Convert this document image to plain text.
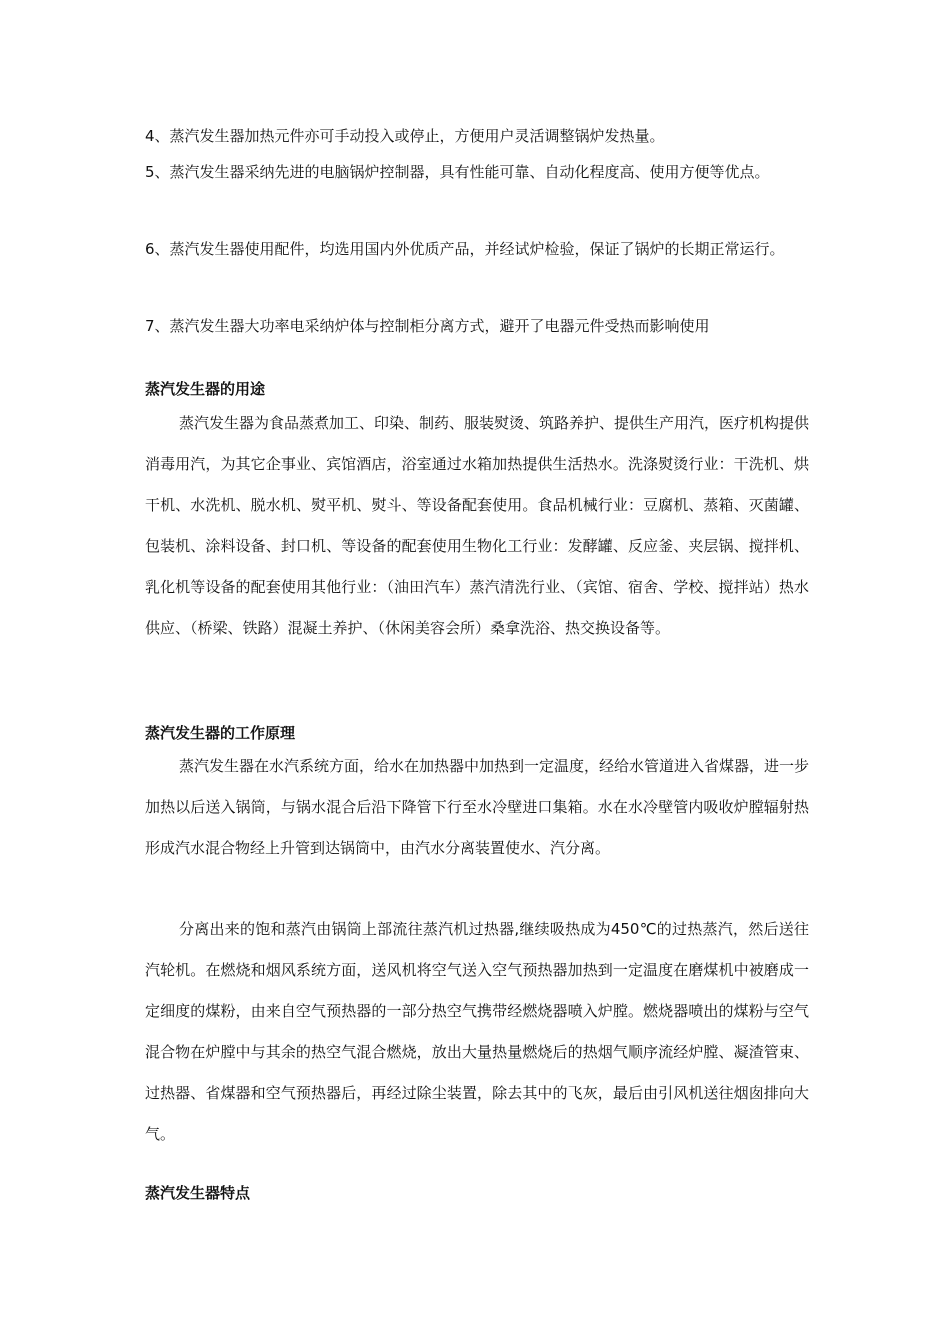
4、蒸汽发生器加热元件亦可手动投入或停止，方便用户灵活调整锅炉发热量。

5、蒸汽发生器采纳先进的电脑锅炉控制器，具有性能可靠、自动化程度高、使用方便等优点。

6、蒸汽发生器使用配件，均选用国内外优质产品，并经试炉检验，保证了锅炉的长期正常运行。

7、蒸汽发生器大功率电采纳炉体与控制柜分离方式，避开了电器元件受热而影响使用

蒸汽发生器的用途

蒸汽发生器为食品蒸煮加工、印染、制药、服装熨烫、筑路养护、提供生产用汽，医疗机构提供消毒用汽，为其它企事业、宾馆酒店，浴室通过水箱加热提供生活热水。洗涤熨烫行业：干洗机、烘干机、水洗机、脱水机、熨平机、熨斗、等设备配套使用。食品机械行业：豆腐机、蒸箱、灭菌罐、包装机、涂料设备、封口机、等设备的配套使用生物化工行业：发酵罐、反应釜、夹层锅、搅拌机、乳化机等设备的配套使用其他行业：（油田汽车）蒸汽清洗行业、（宾馆、宿舍、学校、搅拌站）热水供应、（桥梁、铁路）混凝土养护、（休闲美容会所）桑拿洗浴、热交换设备等。

蒸汽发生器的工作原理

蒸汽发生器在水汽系统方面，给水在加热器中加热到一定温度，经给水管道进入省煤器，进一步加热以后送入锅筒，与锅水混合后沿下降管下行至水冷壁进口集箱。水在水冷壁管内吸收炉膛辐射热形成汽水混合物经上升管到达锅筒中，由汽水分离装置使水、汽分离。

分离出来的饱和蒸汽由锅筒上部流往蒸汽机过热器,继续吸热成为450℃的过热蒸汽，然后送往汽轮机。在燃烧和烟风系统方面，送风机将空气送入空气预热器加热到一定温度在磨煤机中被磨成一定细度的煤粉，由来自空气预热器的一部分热空气携带经燃烧器喷入炉膛。燃烧器喷出的煤粉与空气混合物在炉膛中与其余的热空气混合燃烧，放出大量热量燃烧后的热烟气顺序流经炉膛、凝渣管束、过热器、省煤器和空气预热器后，再经过除尘装置，除去其中的飞灰，最后由引风机送往烟囱排向大气。

蒸汽发生器特点
